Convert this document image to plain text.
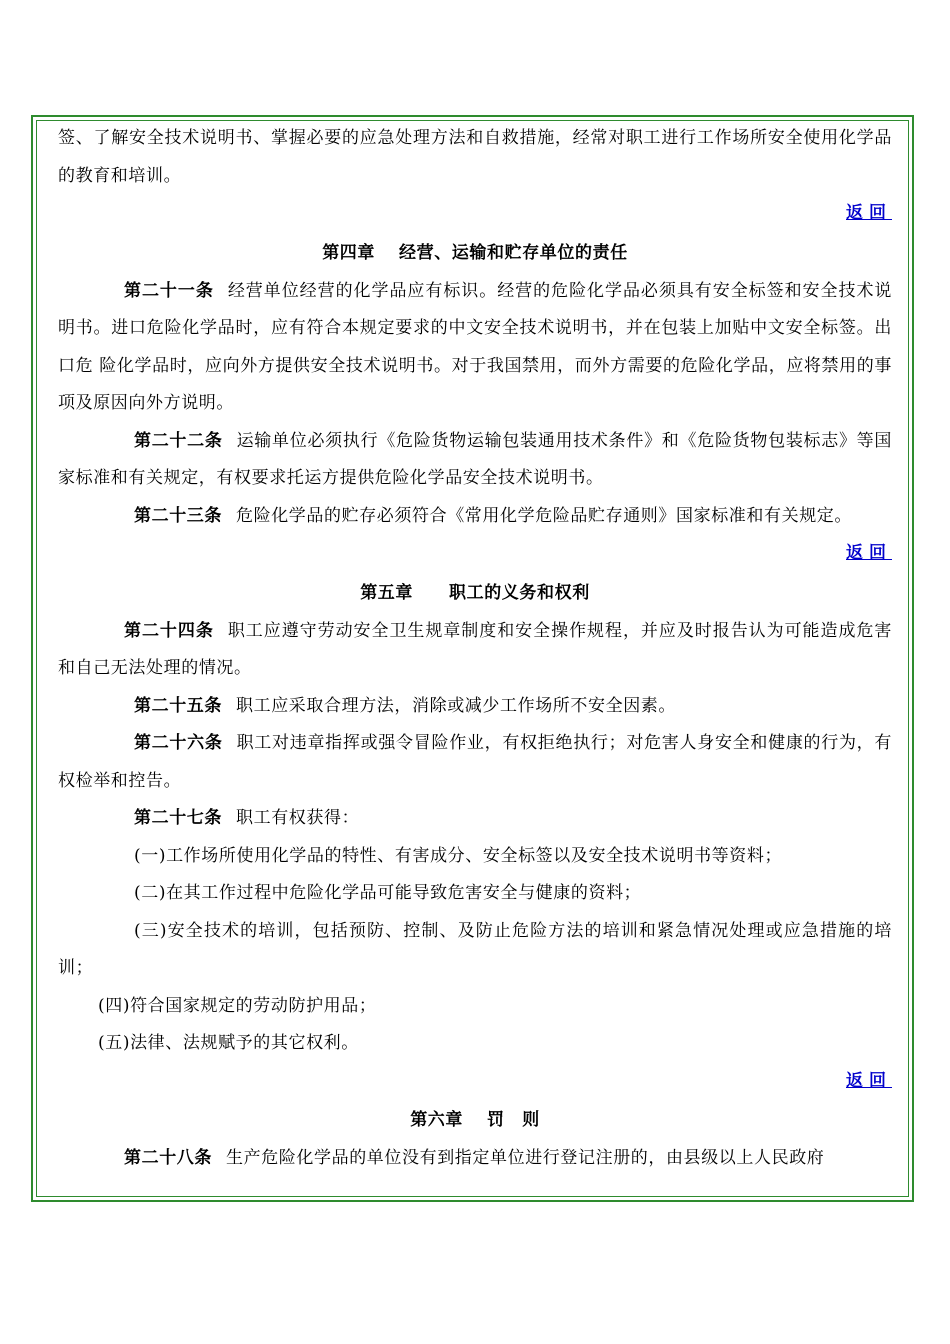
签、了解安全技术说明书、掌握必要的应急处理方法和自救措施，经常对职工进行工作场所安全使用化学品的教育和培训。

返回
第四章 经营、运输和贮存单位的责任

第二十一条 经营单位经营的化学品应有标识。经营的危险化学品必须具有安全标签和安全技术说明书。进口危险化学品时，应有符合本规定要求的中文安全技术说明书，并在包装上加贴中文安全标签。出口危 险化学品时，应向外方提供安全技术说明书。对于我国禁用，而外方需要的危险化学品，应将禁用的事项及原因向外方说明。

第二十二条 运输单位必须执行《危险货物运输包装通用技术条件》和《危险货物包装标志》等国家标准和有关规定，有权要求托运方提供危险化学品安全技术说明书。

第二十三条 危险化学品的贮存必须符合《常用化学危险品贮存通则》国家标准和有关规定。

返回
第五章 职工的义务和权利

第二十四条 职工应遵守劳动安全卫生规章制度和安全操作规程，并应及时报告认为可能造成危害和自己无法处理的情况。

第二十五条 职工应采取合理方法，消除或减少工作场所不安全因素。

第二十六条 职工对违章指挥或强令冒险作业，有权拒绝执行；对危害人身安全和健康的行为，有权检举和控告。

第二十七条 职工有权获得：

(一)工作场所使用化学品的特性、有害成分、安全标签以及安全技术说明书等资料；

(二)在其工作过程中危险化学品可能导致危害安全与健康的资料；

(三)安全技术的培训，包括预防、控制、及防止危险方法的培训和紧急情况处理或应急措施的培训；

(四)符合国家规定的劳动防护用品；

(五)法律、法规赋予的其它权利。

返回
第六章 罚　则

第二十八条 生产危险化学品的单位没有到指定单位进行登记注册的，由县级以上人民政府
